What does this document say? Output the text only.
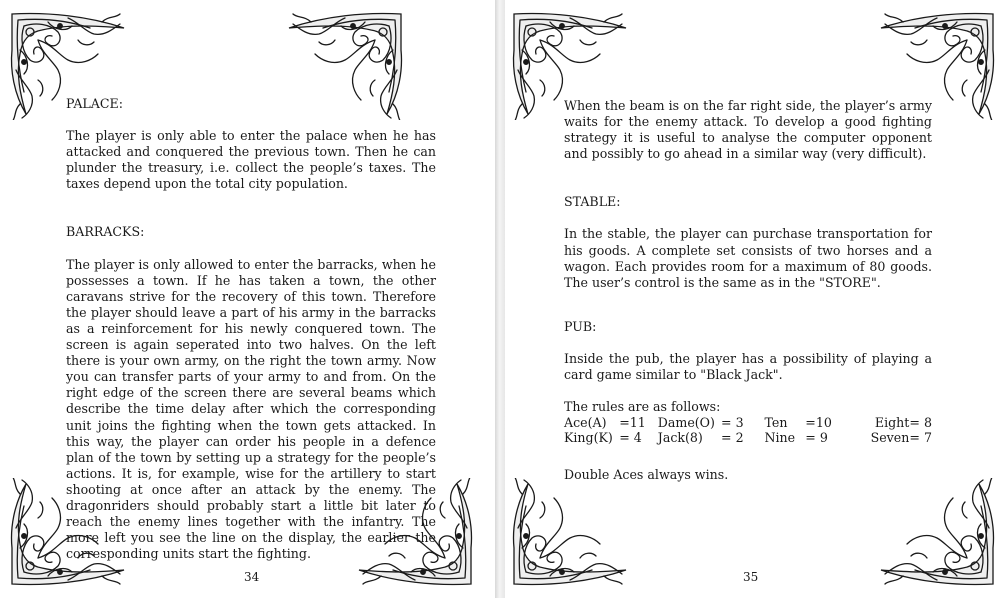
PALACE:

The player is only able to enter the palace when he has attacked and conquered the previous town. Then he can plunder the treasury, i.e. collect the people’s taxes. The taxes depend upon the total city population.

BARRACKS:

The player is only allowed to enter the barracks, when he possesses a town. If he has taken a town, the other caravans strive for the recovery of this town. Therefore the player should leave a part of his army in the barracks as a reinforcement for his newly conquered town. The screen is again seperated into two halves. On the left there is your own army, on the right the town army. Now you can transfer parts of your army to and from. On the right edge of the screen there are several beams which describe the time delay after which the corresponding unit joins the fighting when the town gets attacked. In this way, the player can order his people in a defence plan of the town by setting up a strategy for the people’s actions. It is, for example, wise for the artillery to start shooting at once after an attack by the enemy. The dragonriders should probably start a little bit later to reach the enemy lines together with the infantry. The more left you see the line on the display, the earlier the corresponding units start the fighting.

34

When the beam is on the far right side, the player’s army waits for the enemy attack. To develop a good fighting strategy it is useful to analyse the computer opponent and possibly to go ahead in a similar way (very difficult).

STABLE:

In the stable, the player can purchase transportation for his goods. A complete set consists of two horses and a wagon. Each provides room for a maximum of 80 goods. The user’s control is the same as in the "STORE".

PUB:

Inside the pub, the player has a possibility of playing a card game similar to "Black Jack".

The rules are as follows:

Ace(A)	=11	Dame(O)	= 3	Ten	=10	Eight	= 8
King(K)	= 4	Jack(8)	= 2	Nine	= 9	Seven	= 7

Double Aces always wins.

35
